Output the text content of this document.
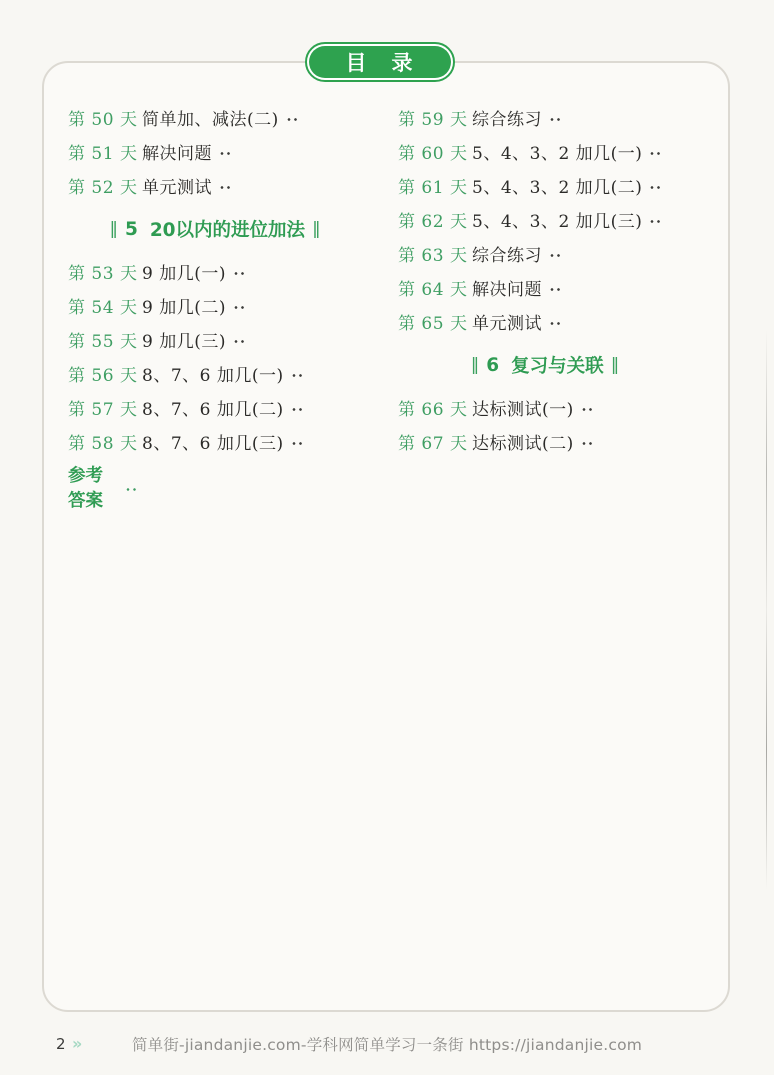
目　录
第 50 天 简单加、减法(二)
第 51 天 解决问题
第 52 天 单元测试
‖ 5 20以内的进位加法 ‖
第 53 天 9 加几(一)
第 54 天 9 加几(二)
第 55 天 9 加几(三)
第 56 天 8、7、6 加几(一)
第 57 天 8、7、6 加几(二)
第 58 天 8、7、6 加几(三)
第 59 天 综合练习
第 60 天 5、4、3、2 加几(一)
第 61 天 5、4、3、2 加几(二)
第 62 天 5、4、3、2 加几(三)
第 63 天 综合练习
第 64 天 解决问题
第 65 天 单元测试
‖ 6 复习与关联 ‖
第 66 天 达标测试(一)
第 67 天 达标测试(二)
参考答案
2 »	简单街-jiandanjie.com-学科网简单学习一条街 https://jiandanjie.com
